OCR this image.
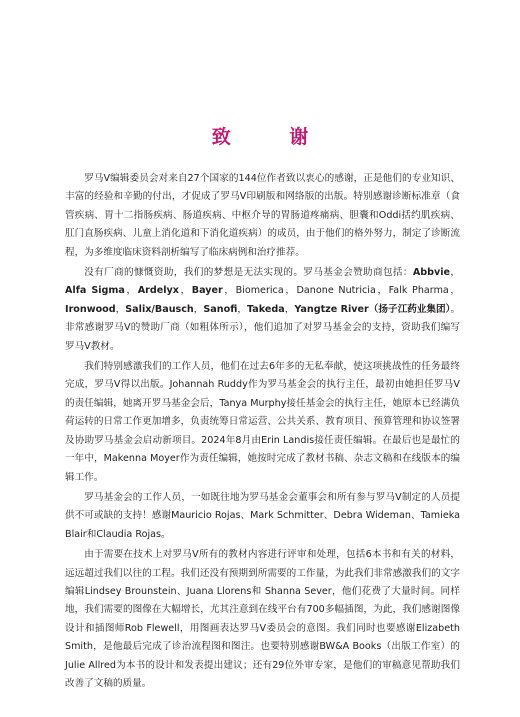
致 谢

罗马Ⅴ编辑委员会对来自27个国家的144位作者致以衷心的感谢，正是他们的专业知识、丰富的经验和辛勤的付出，才促成了罗马Ⅴ印刷版和网络版的出版。特别感谢诊断标准章（食管疾病、胃十二指肠疾病、肠道疾病、中枢介导的胃肠道疼痛病、胆囊和Oddi括约肌疾病、肛门直肠疾病、儿童上消化道和下消化道疾病）的成员，由于他们的格外努力，制定了诊断流程，为多维度临床资料剖析编写了临床病例和治疗推荐。

没有厂商的慷慨资助，我们的梦想是无法实现的。罗马基金会赞助商包括：Abbvie，Alfa Sigma，Ardelyx，Bayer，Biomerica，Danone Nutricia，Falk Pharma，Ironwood，Salix/Bausch，Sanofi，Takeda，Yangtze River（扬子江药业集团）。非常感谢罗马Ⅴ的赞助厂商（如粗体所示），他们追加了对罗马基金会的支持，资助我们编写罗马Ⅴ教材。

我们特别感激我们的工作人员，他们在过去6年多的无私奉献，使这项挑战性的任务最终完成，罗马Ⅴ得以出版。Johannah Ruddy作为罗马基金会的执行主任，最初由她担任罗马Ⅴ的责任编辑，她离开罗马基金会后，Tanya Murphy接任基金会的执行主任，她原本已经满负荷运转的日常工作更加增多，负责统筹日常运营、公共关系、教育项目、预算管理和协议签署及协助罗马基金会启动新项目。2024年8月由Erin Landis接任责任编辑。在最后也是最忙的一年中，Makenna Moyer作为责任编辑，她按时完成了教材书稿、杂志文稿和在线版本的编辑工作。

罗马基金会的工作人员，一如既往地为罗马基金会董事会和所有参与罗马Ⅴ制定的人员提供不可或缺的支持！感谢Mauricio Rojas、Mark Schmitter、Debra Wideman、Tamieka Blair和Claudia Rojas。

由于需要在技术上对罗马Ⅴ所有的教材内容进行评审和处理，包括6本书和有关的材料，远远超过我们以往的工程。我们还没有预期到所需要的工作量，为此我们非常感激我们的文字编辑Lindsey Brounstein、Juana Llorens和 Shanna Sever，他们花费了大量时间。同样地，我们需要的图像在大幅增长，尤其注意到在线平台有700多幅插图，为此，我们感谢图像设计和插图师Rob Flewell，用图画表达罗马Ⅴ委员会的意图。我们同时也要感谢Elizabeth Smith，是他最后完成了诊治流程图和图注。也要特别感谢BW&A Books（出版工作室）的 Julie Allred为本书的设计和发表提出建议；还有29位外审专家，是他们的审稿意见帮助我们改善了文稿的质量。
